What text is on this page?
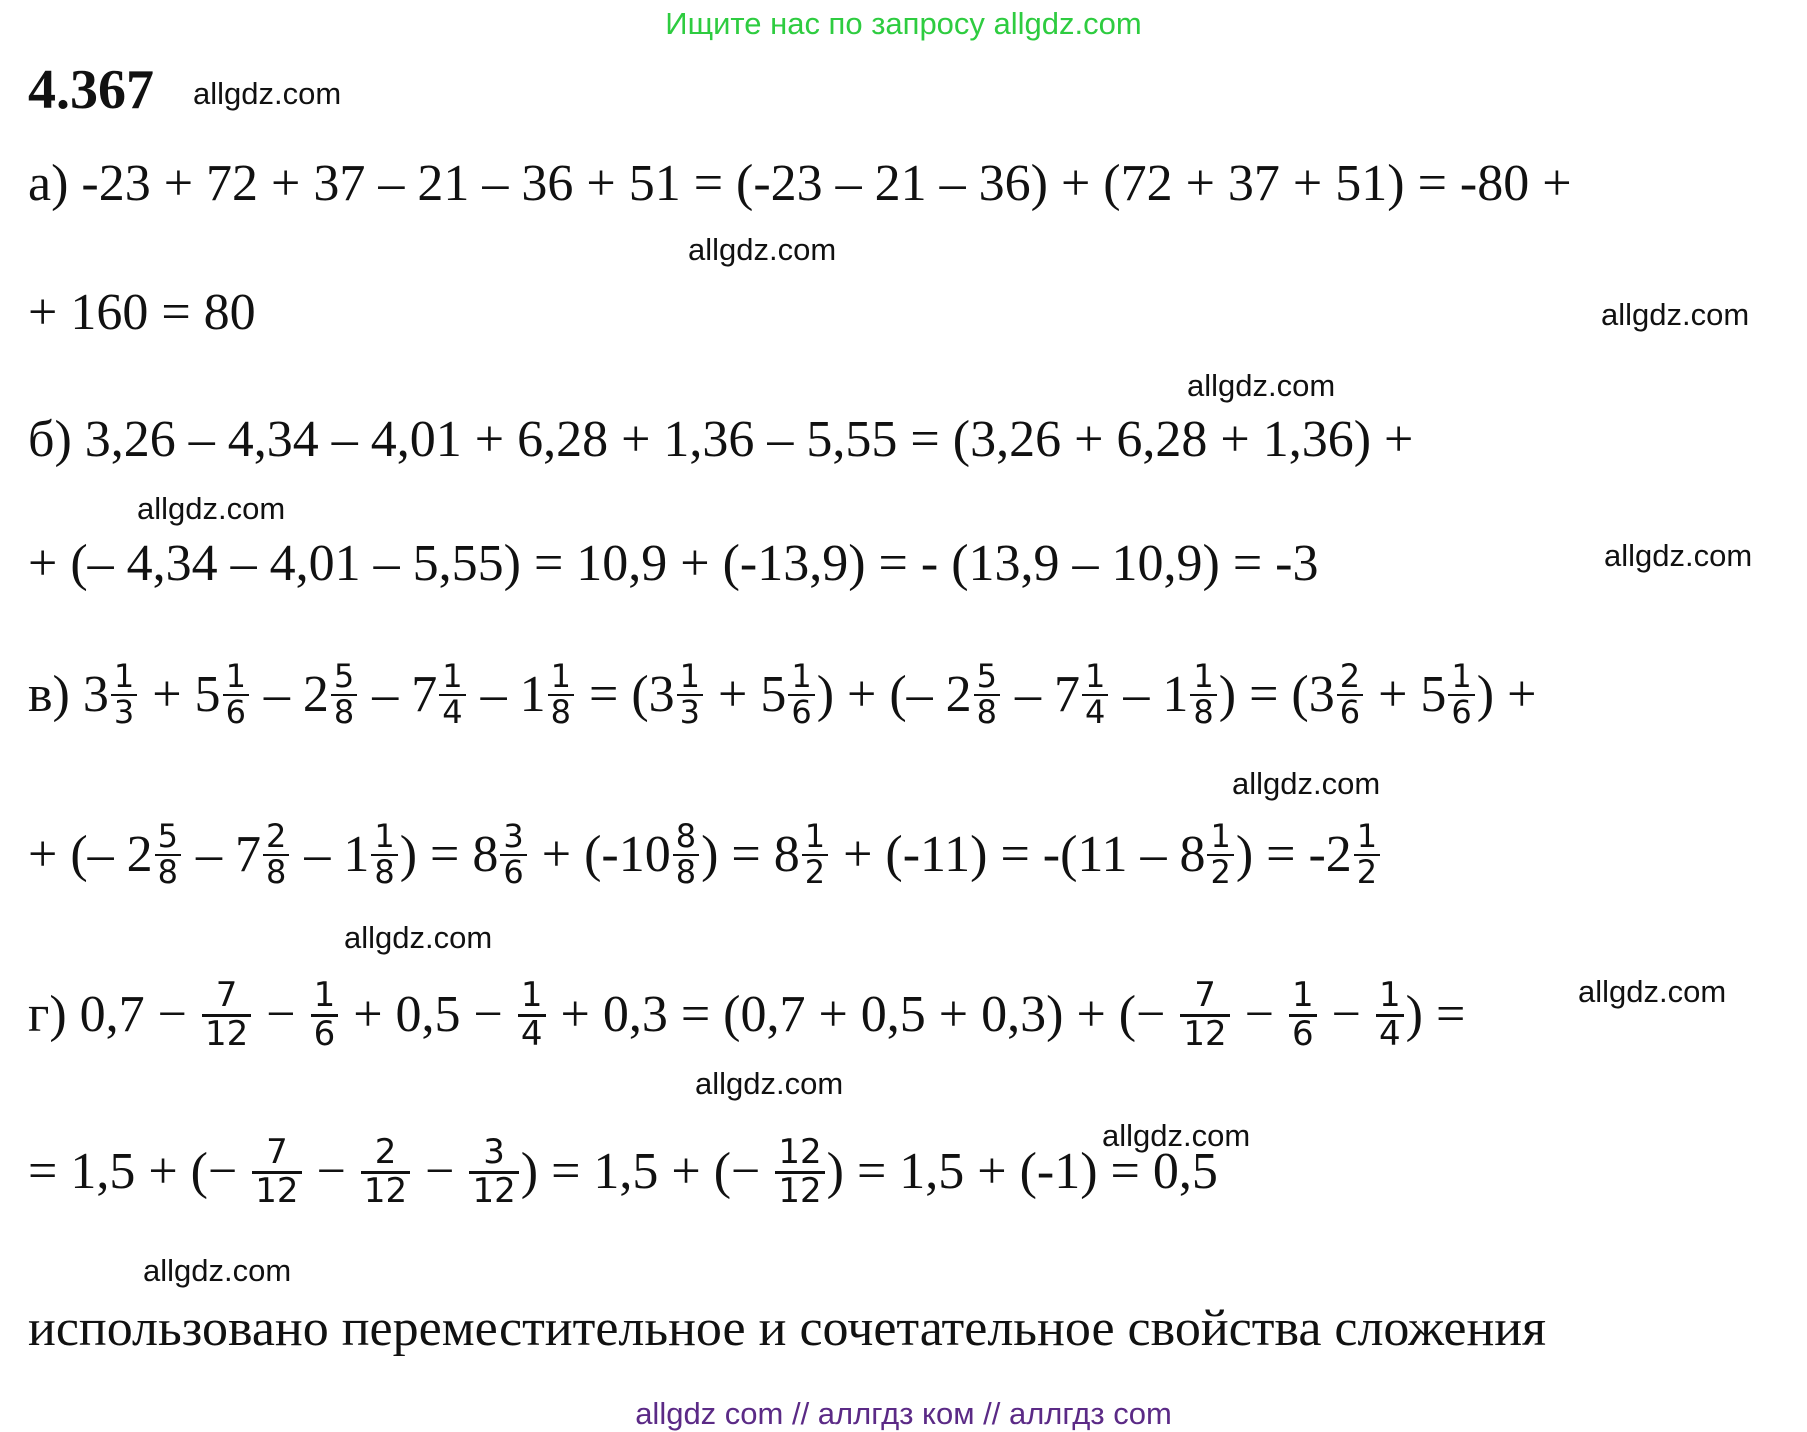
Ищите нас по запросу allgdz.com
4.367 allgdz.com
allgdz.com
allgdz.com
allgdz.com
allgdz.com
allgdz.com
allgdz.com
allgdz.com
allgdz.com
allgdz.com
allgdz.com
allgdz.com
а) -23 + 72 + 37 – 21 – 36 + 51 = (-23 – 21 – 36) + (72 + 37 + 51) = -80 +
+ 160 = 80
б) 3,26 – 4,34 – 4,01 + 6,28 + 1,36 – 5,55 = (3,26 + 6,28 + 1,36) +
+ (– 4,34 – 4,01 – 5,55) = 10,9 + (-13,9) = - (13,9 – 10,9) = -3
в) $3 \frac{1}{3} + 5 \frac{1}{6} - 2 \frac{5}{8} - 7 \frac{1}{4} - 1 \frac{1}{8} = (3 \frac{1}{3} + 5 \frac{1}{6}$ ) + (– $2 \frac{5}{8} - 7 \frac{1}{4} - 1 \frac{1}{8}$ ) = ($3 \frac{2}{6} + 5 \frac{1}{6}$ ) +
+ (– $2 \frac{5}{8} - 7 \frac{2}{8} - 1 \frac{1}{8}$ ) = $8 \frac{3}{6} + (-10 \frac{8}{8}$ ) = $8 \frac{1}{2} + (-11) = -(11 - 8 \frac{1}{2}$ ) = $-2 \frac{1}{2}$
г) $0,7 - \frac{7}{12} - \frac{1}{6} + 0,5 - \frac{1}{4} + 0,3 = (0,7 + 0,5 + 0,3)$ + (− $\frac{7}{12} - \frac{1}{6} - \frac{1}{4}$ ) =
= 1,5 + (− $\frac{7}{12} - \frac{2}{12} - \frac{3}{12}$ ) = 1,5 + (− $\frac{12}{12}$ ) = 1,5 + (-1) = 0,5
использовано переместительное и сочетательное свойства сложения
allgdz com // аллгдз ком // аллгдз com
